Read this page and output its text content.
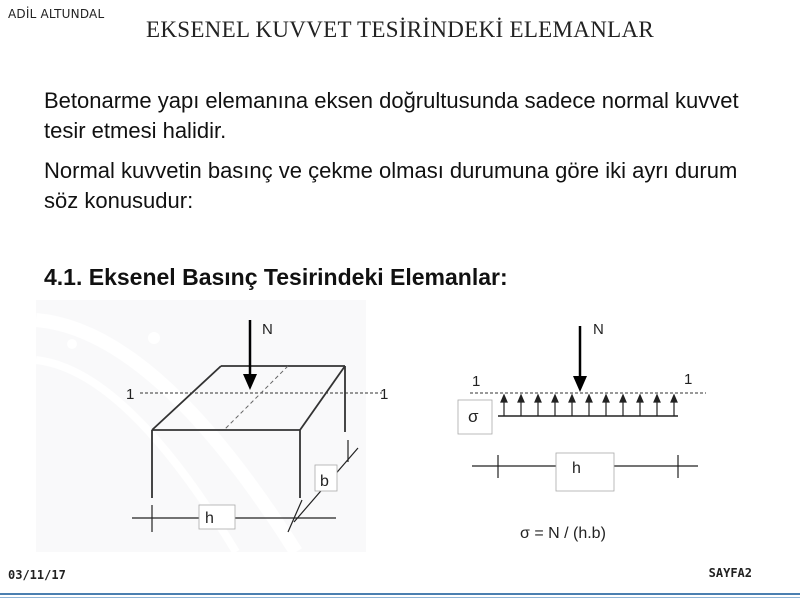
ADİL ALTUNDAL
EKSENEL KUVVET TESİRİNDEKİ ELEMANLAR
Betonarme yapı elemanına eksen doğrultusunda sadece normal kuvvet tesir etmesi halidir.
Normal kuvvetin basınç ve çekme olması durumuna göre iki ayrı durum söz konusudur:
4.1. Eksenel Basınç Tesirindeki Elemanlar:
N
1	1
h
b
N
1	1
σ
h
σ = N / (h.b)
03/11/17	SAYFA2
